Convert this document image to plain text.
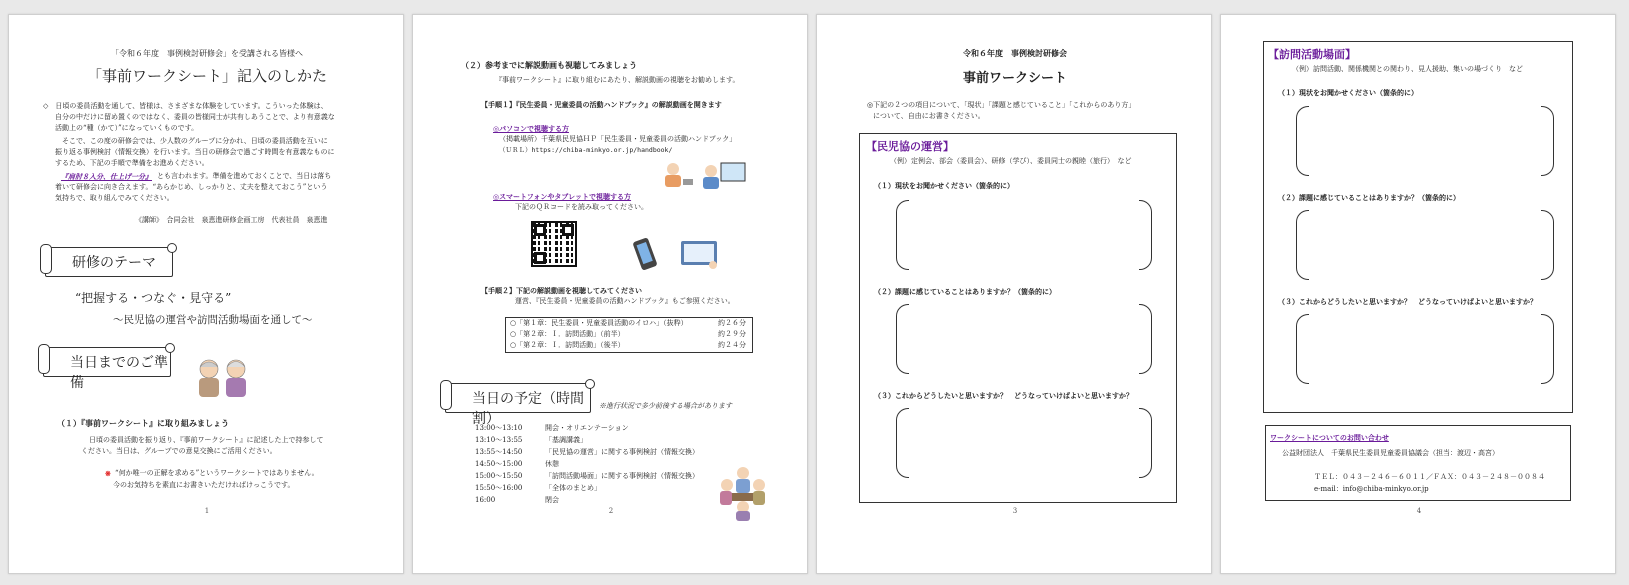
「令和６年度　事例検討研修会」を受講される皆様へ
「事前ワークシート」記入のしかた
◇　日頃の委員活動を通して、皆様は、さまざまな体験をしています。こういった体験は、
自分の中だけに留め置くのではなく、委員の皆様同士が共有しあうことで、より有意義な
活動上の“種（かて）”になっていくものです。
　そこで、この度の研修会では、少人数のグループに分かれ、日頃の委員活動を互いに
振り返る事例検討（情報交換）を行います。当日の研修会で過ごす時間を有意義なものに
するため、下記の手順で準備をお進めください。
『肩肘８入分、仕上げ一分』 とも言われます。準備を進めておくことで、当日は落ち
着いて研修会に向き合えます。“あらかじめ、しっかりと、丈夫を整えておこう”という
気持ちで、取り組んでみてください。
《講師》　合同会社　泉恵進研修企画工房　代表社員　泉恵進
研修のテーマ
“把握する・つなぐ・見守る”
～民児協の運営や訪問活動場面を通して～
当日までのご準備
（１）『事前ワークシート』に取り組みましょう
日頃の委員活動を振り返り、『事前ワークシート』に記述した上で持参して
ください。当日は、グループでの意見交換にご活用ください。
※ “何か唯一の正解を求める”というワークシートではありません。
今のお気持ちを素直にお書きいただければけっこうです。
1
（２）参考までに解説動画も視聴してみましょう
『事前ワークシート』に取り組むにあたり、解説動画の視聴をお勧めします。
【手順１】『民生委員・児童委員の活動ハンドブック』の解説動画を開きます
◎パソコンで視聴する方
（掲載場所）千葉県民児協ＨＰ「民生委員・児童委員の活動ハンドブック」
（ＵＲＬ）https://chiba-minkyo.or.jp/handbook/
◎スマートフォンやタブレットで視聴する方
下記のＱＲコードを読み取ってください。
【手順２】下記の解説動画を視聴してみてください
運営、『民生委員・児童委員の活動ハンドブック』もご参照ください。
○「第１章：民生委員・児童委員活動のイロハ」（抜粋）	約２６分
○「第２章：Ｉ．訪問活動」（前半）	約２９分
○「第２章：Ｉ．訪問活動」（後半）	約２４分
当日の予定（時間割）
※進行状況で多少前後する場合があります
13:00～13:10	開会・オリエンテーション
13:10～13:55	「基調講義」
13:55～14:50	「民児協の運営」に関する事例検討（情報交換）
14:50～15:00	休憩
15:00～15:50	「訪問活動場面」に関する事例検討（情報交換）
15:50～16:00	「全体のまとめ」
16:00	閉会
2
令和６年度　事例検討研修会
事前ワークシート
◎下記の２つの項目について、「現状」「課題と感じていること」「これからのあり方」
について、自由にお書きください。
【民児協の運営】
（例）定例会、部会（委員会）、研修（学び）、委員同士の親睦（旅行）　など
（１）現状をお聞かせください（箇条的に）
（２）課題に感じていることはありますか？（箇条的に）
（３）これからどうしたいと思いますか？　どうなっていけばよいと思いますか？
3
【訪問活動場面】
（例）訪問活動、関係機関との関わり、見人援助、集いの場づくり　など
（１）現状をお聞かせください（箇条的に）
（２）課題に感じていることはありますか？（箇条的に）
（３）これからどうしたいと思いますか？　どうなっていけばよいと思いますか？
ワークシートについてのお問い合わせ
公益財団法人　千葉県民生委員児童委員協議会（担当：渡辺・高宮）
ＴＥＬ：０４３－２４６－６０１１／ＦＡＸ：０４３－２４８－００８４
e-mail：info@chiba-minkyo.or.jp
4
